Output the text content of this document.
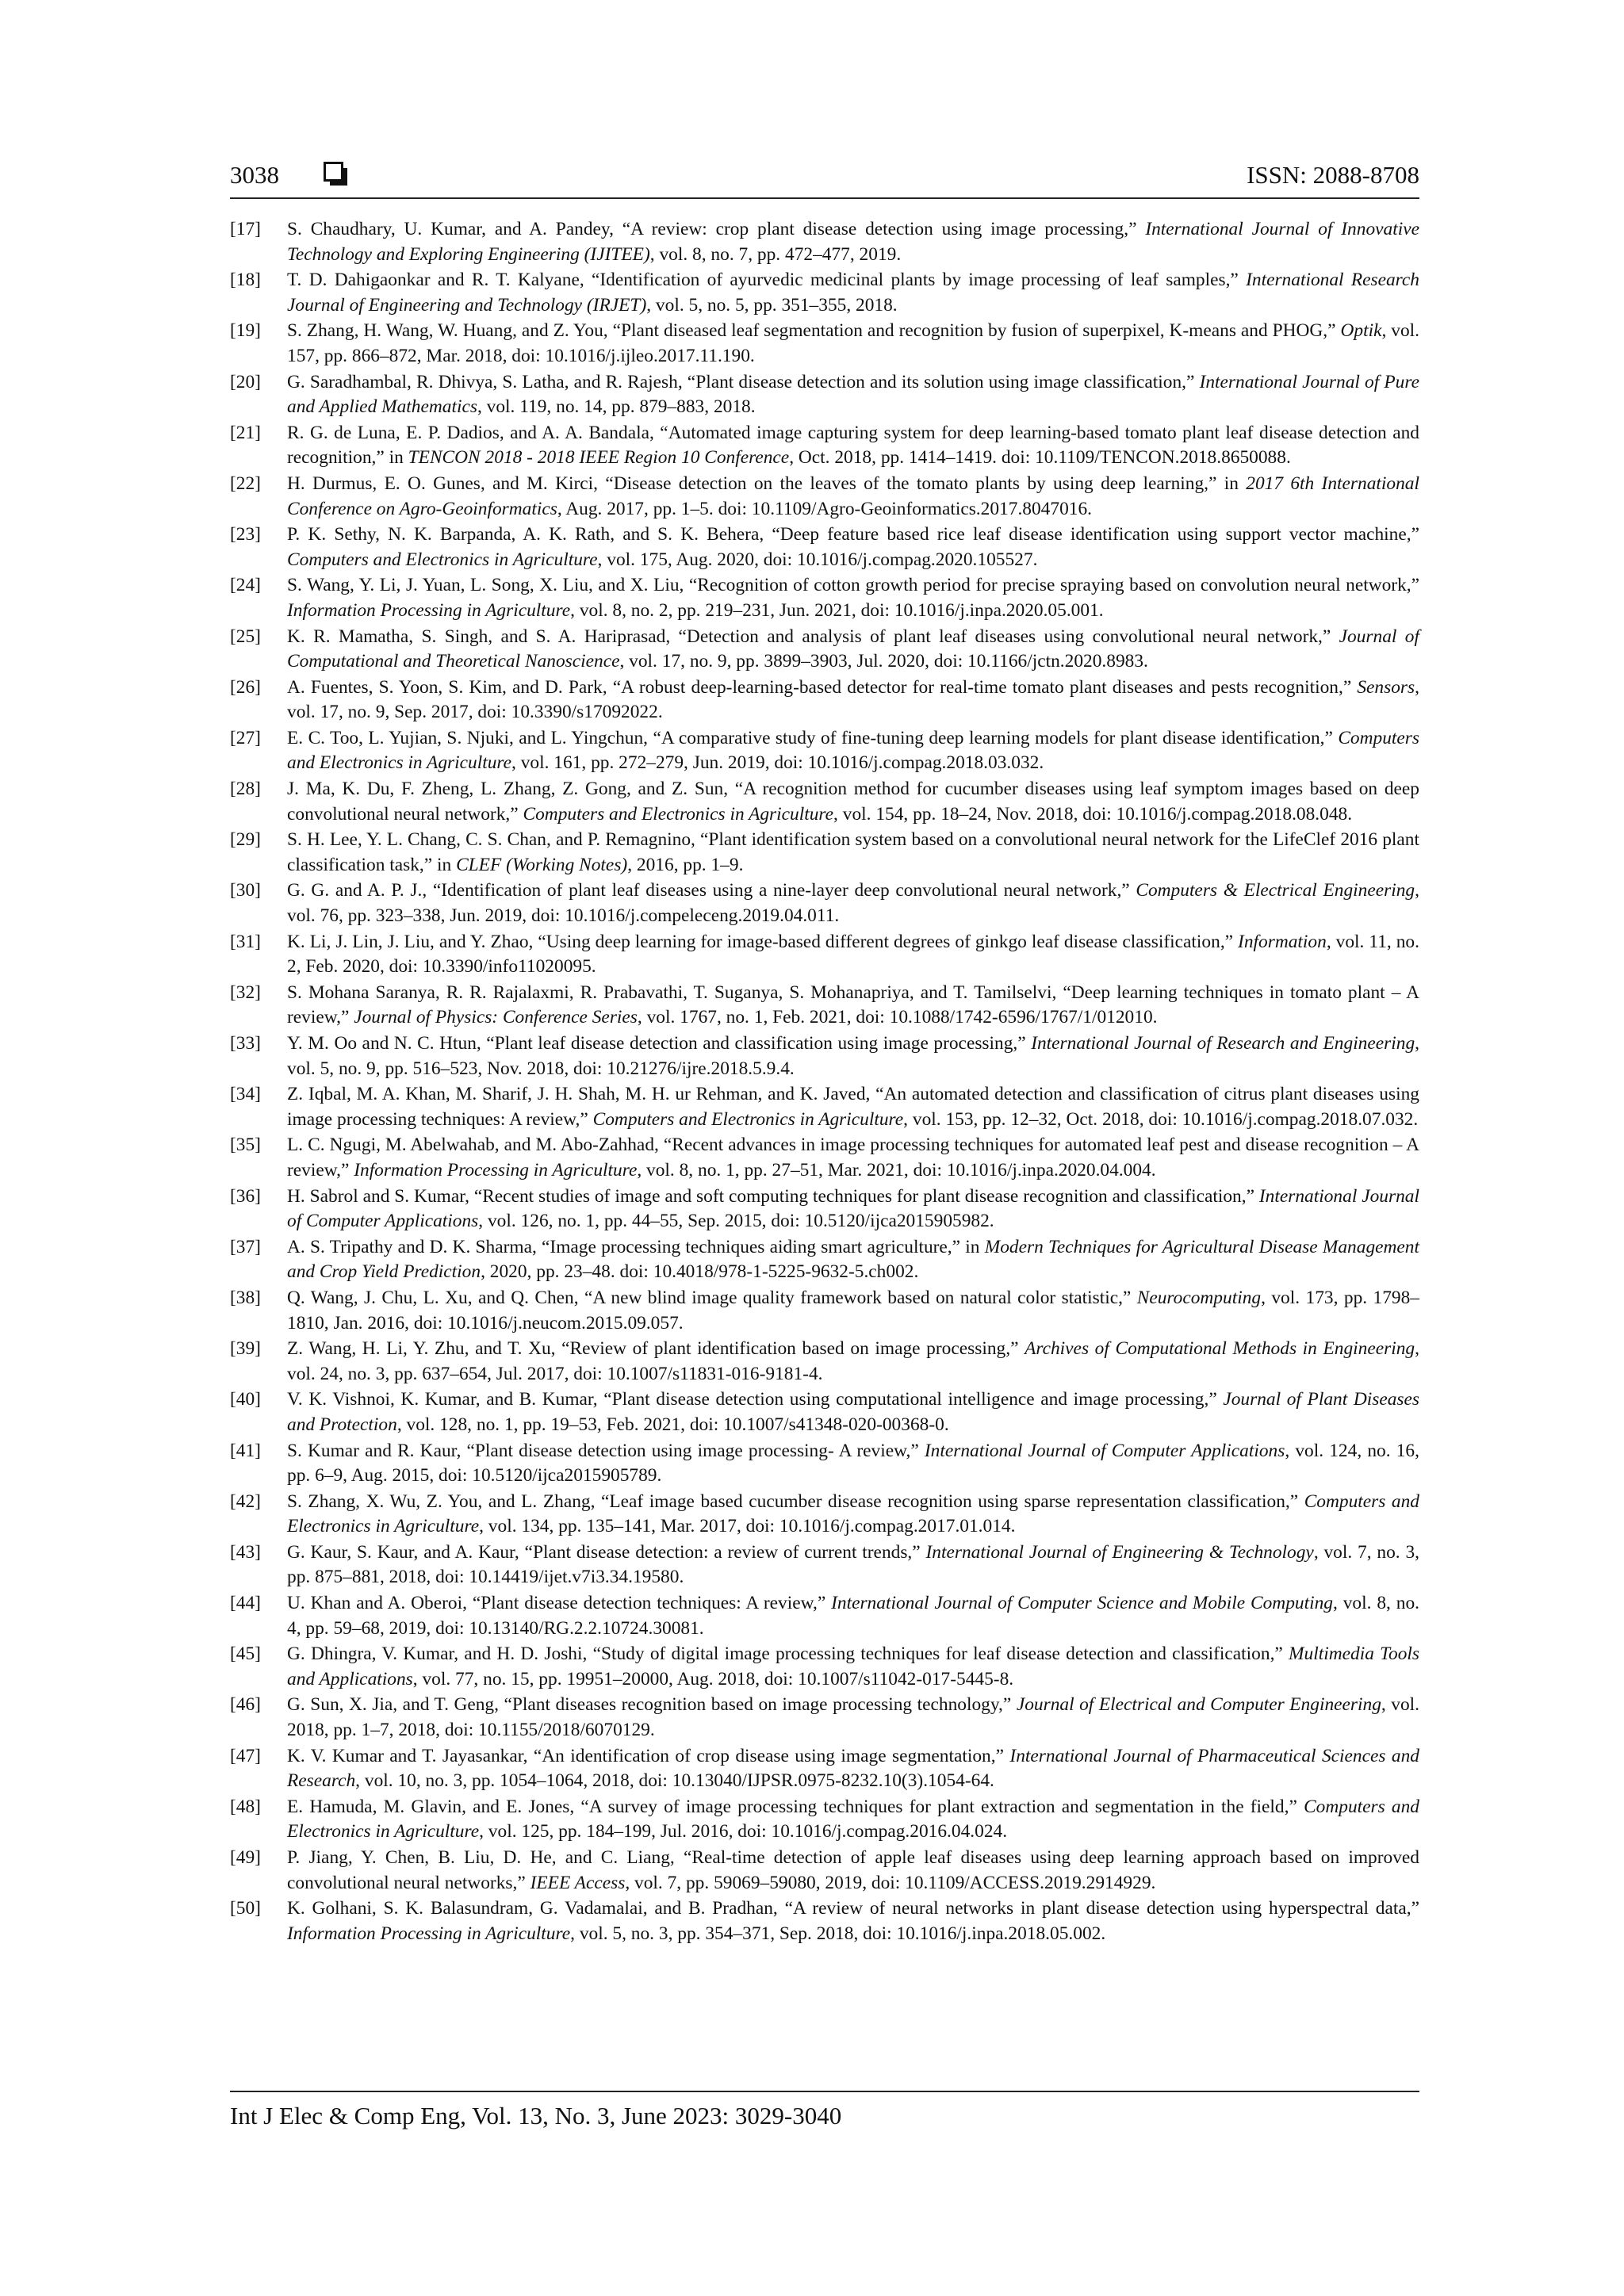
3038	ISSN: 2088-8708
[17]	S. Chaudhary, U. Kumar, and A. Pandey, “A review: crop plant disease detection using image processing,” International Journal of Innovative Technology and Exploring Engineering (IJITEE), vol. 8, no. 7, pp. 472–477, 2019.
[18]	T. D. Dahigaonkar and R. T. Kalyane, “Identification of ayurvedic medicinal plants by image processing of leaf samples,” International Research Journal of Engineering and Technology (IRJET), vol. 5, no. 5, pp. 351–355, 2018.
[19]	S. Zhang, H. Wang, W. Huang, and Z. You, “Plant diseased leaf segmentation and recognition by fusion of superpixel, K-means and PHOG,” Optik, vol. 157, pp. 866–872, Mar. 2018, doi: 10.1016/j.ijleo.2017.11.190.
[20]	G. Saradhambal, R. Dhivya, S. Latha, and R. Rajesh, “Plant disease detection and its solution using image classification,” International Journal of Pure and Applied Mathematics, vol. 119, no. 14, pp. 879–883, 2018.
[21]	R. G. de Luna, E. P. Dadios, and A. A. Bandala, “Automated image capturing system for deep learning-based tomato plant leaf disease detection and recognition,” in TENCON 2018 - 2018 IEEE Region 10 Conference, Oct. 2018, pp. 1414–1419. doi: 10.1109/TENCON.2018.8650088.
[22]	H. Durmus, E. O. Gunes, and M. Kirci, “Disease detection on the leaves of the tomato plants by using deep learning,” in 2017 6th International Conference on Agro-Geoinformatics, Aug. 2017, pp. 1–5. doi: 10.1109/Agro-Geoinformatics.2017.8047016.
[23]	P. K. Sethy, N. K. Barpanda, A. K. Rath, and S. K. Behera, “Deep feature based rice leaf disease identification using support vector machine,” Computers and Electronics in Agriculture, vol. 175, Aug. 2020, doi: 10.1016/j.compag.2020.105527.
[24]	S. Wang, Y. Li, J. Yuan, L. Song, X. Liu, and X. Liu, “Recognition of cotton growth period for precise spraying based on convolution neural network,” Information Processing in Agriculture, vol. 8, no. 2, pp. 219–231, Jun. 2021, doi: 10.1016/j.inpa.2020.05.001.
[25]	K. R. Mamatha, S. Singh, and S. A. Hariprasad, “Detection and analysis of plant leaf diseases using convolutional neural network,” Journal of Computational and Theoretical Nanoscience, vol. 17, no. 9, pp. 3899–3903, Jul. 2020, doi: 10.1166/jctn.2020.8983.
[26]	A. Fuentes, S. Yoon, S. Kim, and D. Park, “A robust deep-learning-based detector for real-time tomato plant diseases and pests recognition,” Sensors, vol. 17, no. 9, Sep. 2017, doi: 10.3390/s17092022.
[27]	E. C. Too, L. Yujian, S. Njuki, and L. Yingchun, “A comparative study of fine-tuning deep learning models for plant disease identification,” Computers and Electronics in Agriculture, vol. 161, pp. 272–279, Jun. 2019, doi: 10.1016/j.compag.2018.03.032.
[28]	J. Ma, K. Du, F. Zheng, L. Zhang, Z. Gong, and Z. Sun, “A recognition method for cucumber diseases using leaf symptom images based on deep convolutional neural network,” Computers and Electronics in Agriculture, vol. 154, pp. 18–24, Nov. 2018, doi: 10.1016/j.compag.2018.08.048.
[29]	S. H. Lee, Y. L. Chang, C. S. Chan, and P. Remagnino, “Plant identification system based on a convolutional neural network for the LifeClef 2016 plant classification task,” in CLEF (Working Notes), 2016, pp. 1–9.
[30]	G. G. and A. P. J., “Identification of plant leaf diseases using a nine-layer deep convolutional neural network,” Computers & Electrical Engineering, vol. 76, pp. 323–338, Jun. 2019, doi: 10.1016/j.compeleceng.2019.04.011.
[31]	K. Li, J. Lin, J. Liu, and Y. Zhao, “Using deep learning for image-based different degrees of ginkgo leaf disease classification,” Information, vol. 11, no. 2, Feb. 2020, doi: 10.3390/info11020095.
[32]	S. Mohana Saranya, R. R. Rajalaxmi, R. Prabavathi, T. Suganya, S. Mohanapriya, and T. Tamilselvi, “Deep learning techniques in tomato plant – A review,” Journal of Physics: Conference Series, vol. 1767, no. 1, Feb. 2021, doi: 10.1088/1742-6596/1767/1/012010.
[33]	Y. M. Oo and N. C. Htun, “Plant leaf disease detection and classification using image processing,” International Journal of Research and Engineering, vol. 5, no. 9, pp. 516–523, Nov. 2018, doi: 10.21276/ijre.2018.5.9.4.
[34]	Z. Iqbal, M. A. Khan, M. Sharif, J. H. Shah, M. H. ur Rehman, and K. Javed, “An automated detection and classification of citrus plant diseases using image processing techniques: A review,” Computers and Electronics in Agriculture, vol. 153, pp. 12–32, Oct. 2018, doi: 10.1016/j.compag.2018.07.032.
[35]	L. C. Ngugi, M. Abelwahab, and M. Abo-Zahhad, “Recent advances in image processing techniques for automated leaf pest and disease recognition – A review,” Information Processing in Agriculture, vol. 8, no. 1, pp. 27–51, Mar. 2021, doi: 10.1016/j.inpa.2020.04.004.
[36]	H. Sabrol and S. Kumar, “Recent studies of image and soft computing techniques for plant disease recognition and classification,” International Journal of Computer Applications, vol. 126, no. 1, pp. 44–55, Sep. 2015, doi: 10.5120/ijca2015905982.
[37]	A. S. Tripathy and D. K. Sharma, “Image processing techniques aiding smart agriculture,” in Modern Techniques for Agricultural Disease Management and Crop Yield Prediction, 2020, pp. 23–48. doi: 10.4018/978-1-5225-9632-5.ch002.
[38]	Q. Wang, J. Chu, L. Xu, and Q. Chen, “A new blind image quality framework based on natural color statistic,” Neurocomputing, vol. 173, pp. 1798–1810, Jan. 2016, doi: 10.1016/j.neucom.2015.09.057.
[39]	Z. Wang, H. Li, Y. Zhu, and T. Xu, “Review of plant identification based on image processing,” Archives of Computational Methods in Engineering, vol. 24, no. 3, pp. 637–654, Jul. 2017, doi: 10.1007/s11831-016-9181-4.
[40]	V. K. Vishnoi, K. Kumar, and B. Kumar, “Plant disease detection using computational intelligence and image processing,” Journal of Plant Diseases and Protection, vol. 128, no. 1, pp. 19–53, Feb. 2021, doi: 10.1007/s41348-020-00368-0.
[41]	S. Kumar and R. Kaur, “Plant disease detection using image processing- A review,” International Journal of Computer Applications, vol. 124, no. 16, pp. 6–9, Aug. 2015, doi: 10.5120/ijca2015905789.
[42]	S. Zhang, X. Wu, Z. You, and L. Zhang, “Leaf image based cucumber disease recognition using sparse representation classification,” Computers and Electronics in Agriculture, vol. 134, pp. 135–141, Mar. 2017, doi: 10.1016/j.compag.2017.01.014.
[43]	G. Kaur, S. Kaur, and A. Kaur, “Plant disease detection: a review of current trends,” International Journal of Engineering & Technology, vol. 7, no. 3, pp. 875–881, 2018, doi: 10.14419/ijet.v7i3.34.19580.
[44]	U. Khan and A. Oberoi, “Plant disease detection techniques: A review,” International Journal of Computer Science and Mobile Computing, vol. 8, no. 4, pp. 59–68, 2019, doi: 10.13140/RG.2.2.10724.30081.
[45]	G. Dhingra, V. Kumar, and H. D. Joshi, “Study of digital image processing techniques for leaf disease detection and classification,” Multimedia Tools and Applications, vol. 77, no. 15, pp. 19951–20000, Aug. 2018, doi: 10.1007/s11042-017-5445-8.
[46]	G. Sun, X. Jia, and T. Geng, “Plant diseases recognition based on image processing technology,” Journal of Electrical and Computer Engineering, vol. 2018, pp. 1–7, 2018, doi: 10.1155/2018/6070129.
[47]	K. V. Kumar and T. Jayasankar, “An identification of crop disease using image segmentation,” International Journal of Pharmaceutical Sciences and Research, vol. 10, no. 3, pp. 1054–1064, 2018, doi: 10.13040/IJPSR.0975-8232.10(3).1054-64.
[48]	E. Hamuda, M. Glavin, and E. Jones, “A survey of image processing techniques for plant extraction and segmentation in the field,” Computers and Electronics in Agriculture, vol. 125, pp. 184–199, Jul. 2016, doi: 10.1016/j.compag.2016.04.024.
[49]	P. Jiang, Y. Chen, B. Liu, D. He, and C. Liang, “Real-time detection of apple leaf diseases using deep learning approach based on improved convolutional neural networks,” IEEE Access, vol. 7, pp. 59069–59080, 2019, doi: 10.1109/ACCESS.2019.2914929.
[50]	K. Golhani, S. K. Balasundram, G. Vadamalai, and B. Pradhan, “A review of neural networks in plant disease detection using hyperspectral data,” Information Processing in Agriculture, vol. 5, no. 3, pp. 354–371, Sep. 2018, doi: 10.1016/j.inpa.2018.05.002.
Int J Elec & Comp Eng, Vol. 13, No. 3, June 2023: 3029-3040
